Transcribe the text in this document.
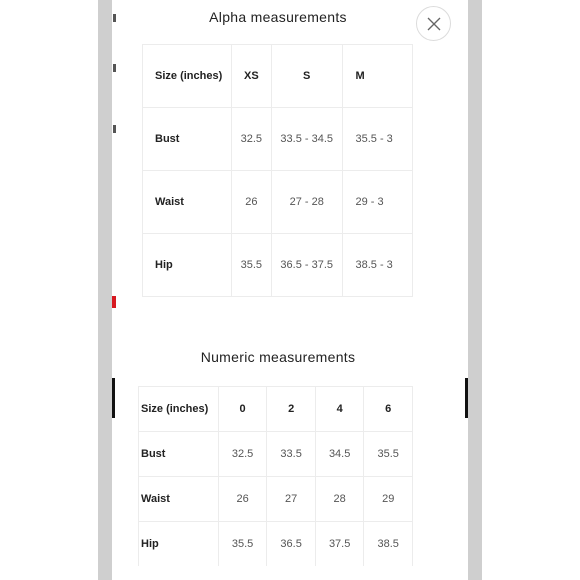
Alpha measurements
Size (inches)	XS	S	M
Bust	32.5	33.5 - 34.5	35.5 - 3
Waist	26	27 - 28	29 - 3
Hip	35.5	36.5 - 37.5	38.5 - 3
Numeric measurements
Size (inches)	0	2	4	6
Bust	32.5	33.5	34.5	35.5
Waist	26	27	28	29
Hip	35.5	36.5	37.5	38.5
